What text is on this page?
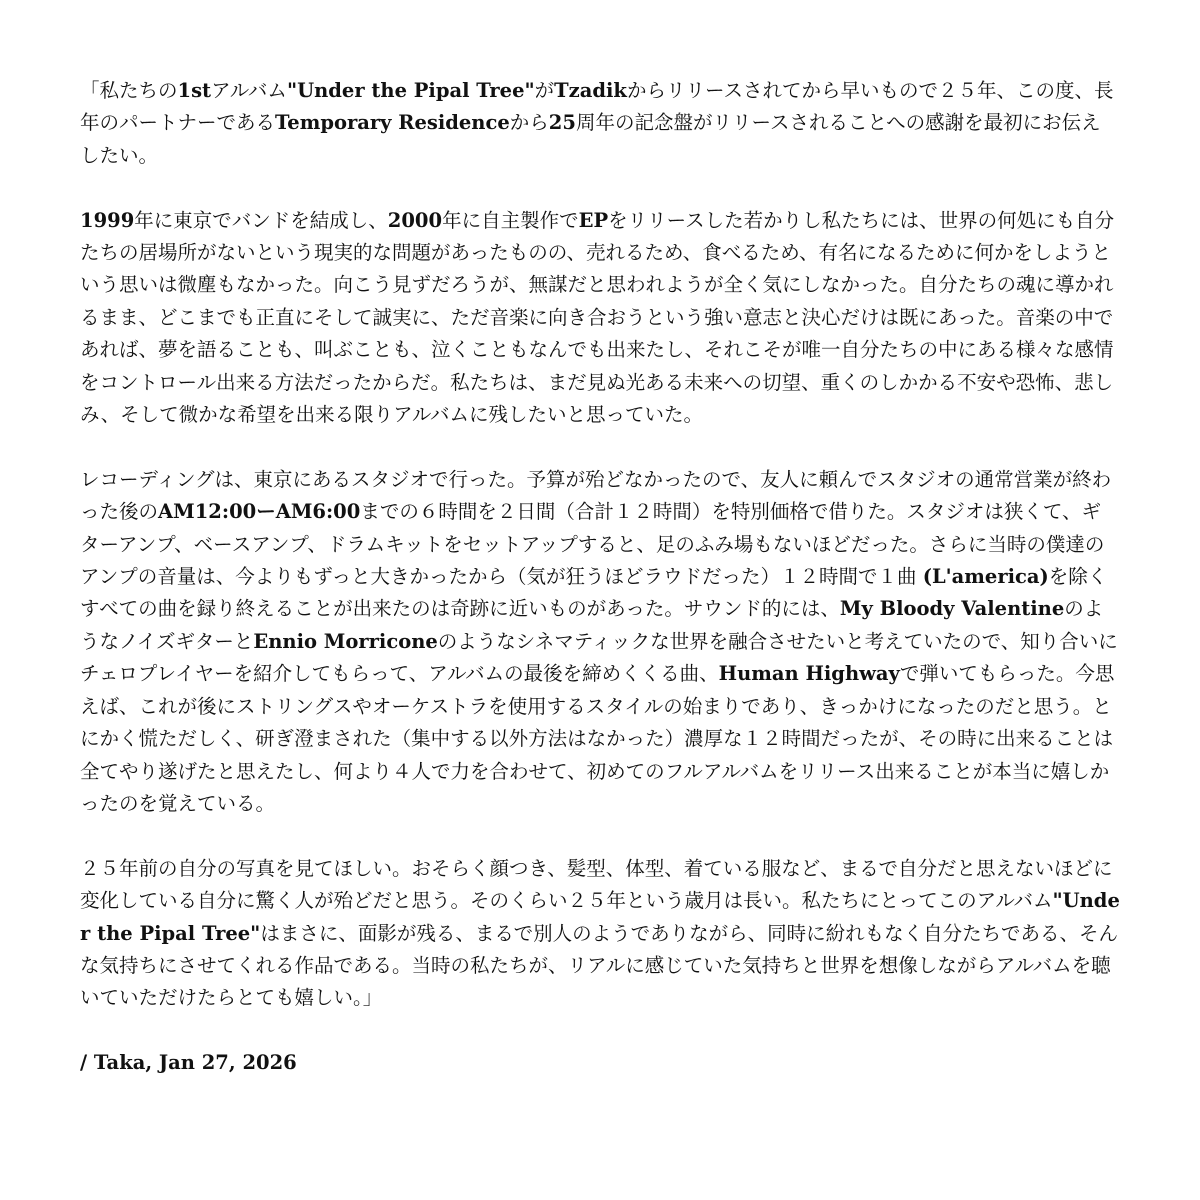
「私たちの1stアルバム"Under the Pipal Tree"がTzadikからリリースされてから早いもので２５年、この度、長年のパートナーであるTemporary Residenceから25周年の記念盤がリリースされることへの感謝を最初にお伝えしたい。

1999年に東京でバンドを結成し、2000年に自主製作でEPをリリースした若かりし私たちには、世界の何処にも自分たちの居場所がないという現実的な問題があったものの、売れるため、食べるため、有名になるために何かをしようという思いは微塵もなかった。向こう見ずだろうが、無謀だと思われようが全く気にしなかった。自分たちの魂に導かれるまま、どこまでも正直にそして誠実に、ただ音楽に向き合おうという強い意志と決心だけは既にあった。音楽の中であれば、夢を語ることも、叫ぶことも、泣くこともなんでも出来たし、それこそが唯一自分たちの中にある様々な感情をコントロール出来る方法だったからだ。私たちは、まだ見ぬ光ある未来への切望、重くのしかかる不安や恐怖、悲しみ、そして微かな希望を出来る限りアルバムに残したいと思っていた。

レコーディングは、東京にあるスタジオで行った。予算が殆どなかったので、友人に頼んでスタジオの通常営業が終わった後のAM12:00ーAM6:00までの６時間を２日間（合計１２時間）を特別価格で借りた。スタジオは狭くて、ギターアンプ、ベースアンプ、ドラムキットをセットアップすると、足のふみ場もないほどだった。さらに当時の僕達のアンプの音量は、今よりもずっと大きかったから（気が狂うほどラウドだった）１２時間で１曲 (L'america)を除くすべての曲を録り終えることが出来たのは奇跡に近いものがあった。サウンド的には、My Bloody ValentineのようなノイズギターとEnnio Morriconeのようなシネマティックな世界を融合させたいと考えていたので、知り合いにチェロプレイヤーを紹介してもらって、アルバムの最後を締めくくる曲、Human Highwayで弾いてもらった。今思えば、これが後にストリングスやオーケストラを使用するスタイルの始まりであり、きっかけになったのだと思う。とにかく慌ただしく、研ぎ澄まされた（集中する以外方法はなかった）濃厚な１２時間だったが、その時に出来ることは全てやり遂げたと思えたし、何より４人で力を合わせて、初めてのフルアルバムをリリース出来ることが本当に嬉しかったのを覚えている。

２５年前の自分の写真を見てほしい。おそらく顔つき、髪型、体型、着ている服など、まるで自分だと思えないほどに変化している自分に驚く人が殆どだと思う。そのくらい２５年という歳月は長い。私たちにとってこのアルバム"Under the Pipal Tree"はまさに、面影が残る、まるで別人のようでありながら、同時に紛れもなく自分たちである、そんな気持ちにさせてくれる作品である。当時の私たちが、リアルに感じていた気持ちと世界を想像しながらアルバムを聴いていただけたらとても嬉しい。」

/ Taka, Jan 27, 2026
